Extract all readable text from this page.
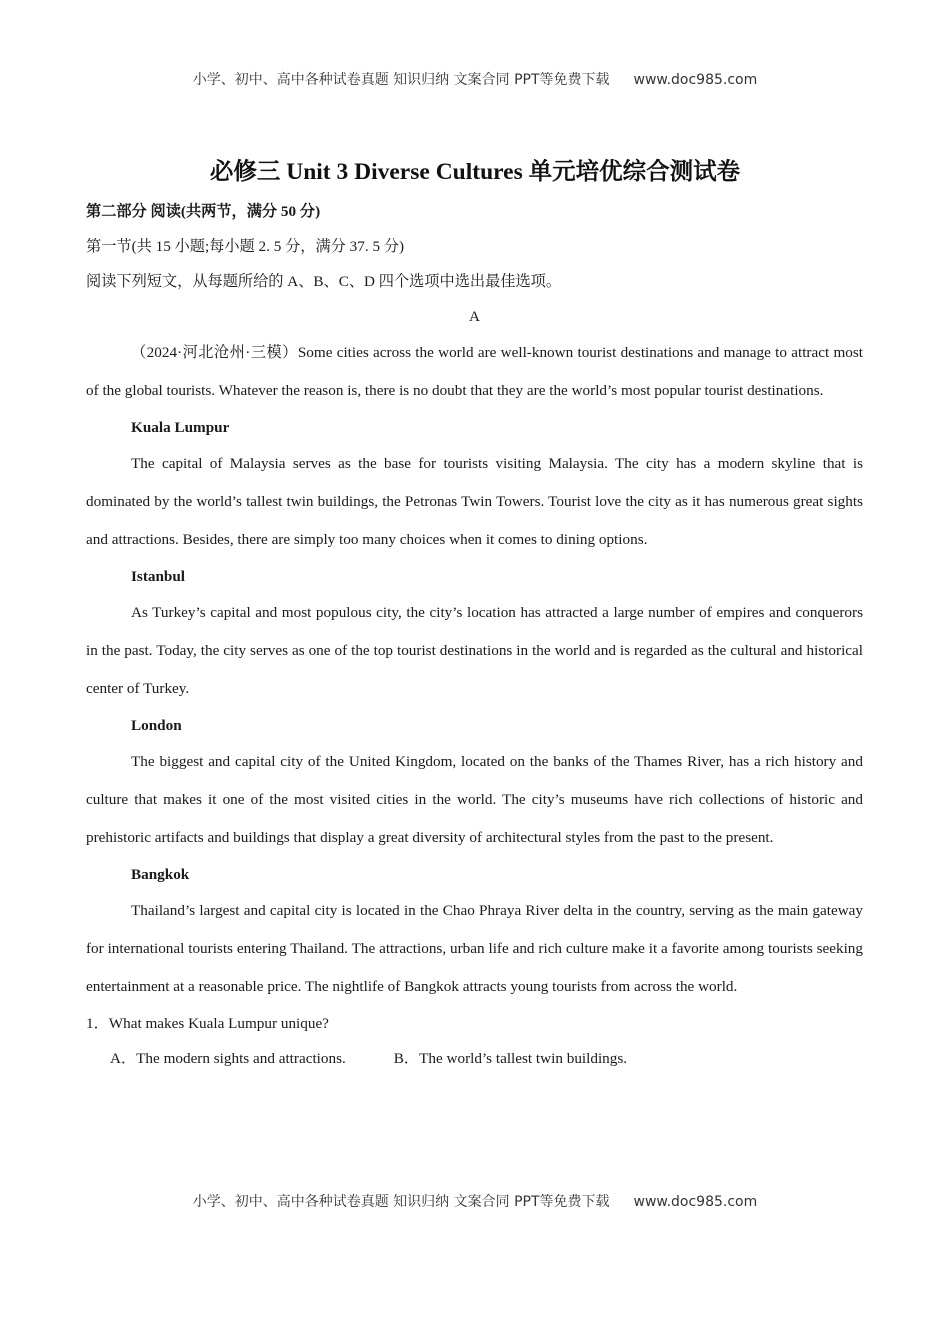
小学、初中、高中各种试卷真题 知识归纳 文案合同 PPT等免费下载 www.doc985.com
必修三 Unit 3 Diverse Cultures 单元培优综合测试卷
第二部分 阅读(共两节，满分 50 分)
第一节(共 15 小题;每小题 2. 5 分，满分 37. 5 分)
阅读下列短文，从每题所给的 A、B、C、D 四个选项中选出最佳选项。
A
（2024·河北沧州·三模）Some cities across the world are well-known tourist destinations and manage to attract most of the global tourists. Whatever the reason is, there is no doubt that they are the world’s most popular tourist destinations.
Kuala Lumpur
The capital of Malaysia serves as the base for tourists visiting Malaysia. The city has a modern skyline that is dominated by the world’s tallest twin buildings, the Petronas Twin Towers. Tourist love the city as it has numerous great sights and attractions. Besides, there are simply too many choices when it comes to dining options.
Istanbul
As Turkey’s capital and most populous city, the city’s location has attracted a large number of empires and conquerors in the past. Today, the city serves as one of the top tourist destinations in the world and is regarded as the cultural and historical center of Turkey.
London
The biggest and capital city of the United Kingdom, located on the banks of the Thames River, has a rich history and culture that makes it one of the most visited cities in the world. The city’s museums have rich collections of historic and prehistoric artifacts and buildings that display a great diversity of architectural styles from the past to the present.
Bangkok
Thailand’s largest and capital city is located in the Chao Phraya River delta in the country, serving as the main gateway for international tourists entering Thailand. The attractions, urban life and rich culture make it a favorite among tourists seeking entertainment at a reasonable price. The nightlife of Bangkok attracts young tourists from across the world.
1．What makes Kuala Lumpur unique?
A．The modern sights and attractions.	B．The world’s tallest twin buildings.
小学、初中、高中各种试卷真题 知识归纳 文案合同 PPT等免费下载 www.doc985.com
